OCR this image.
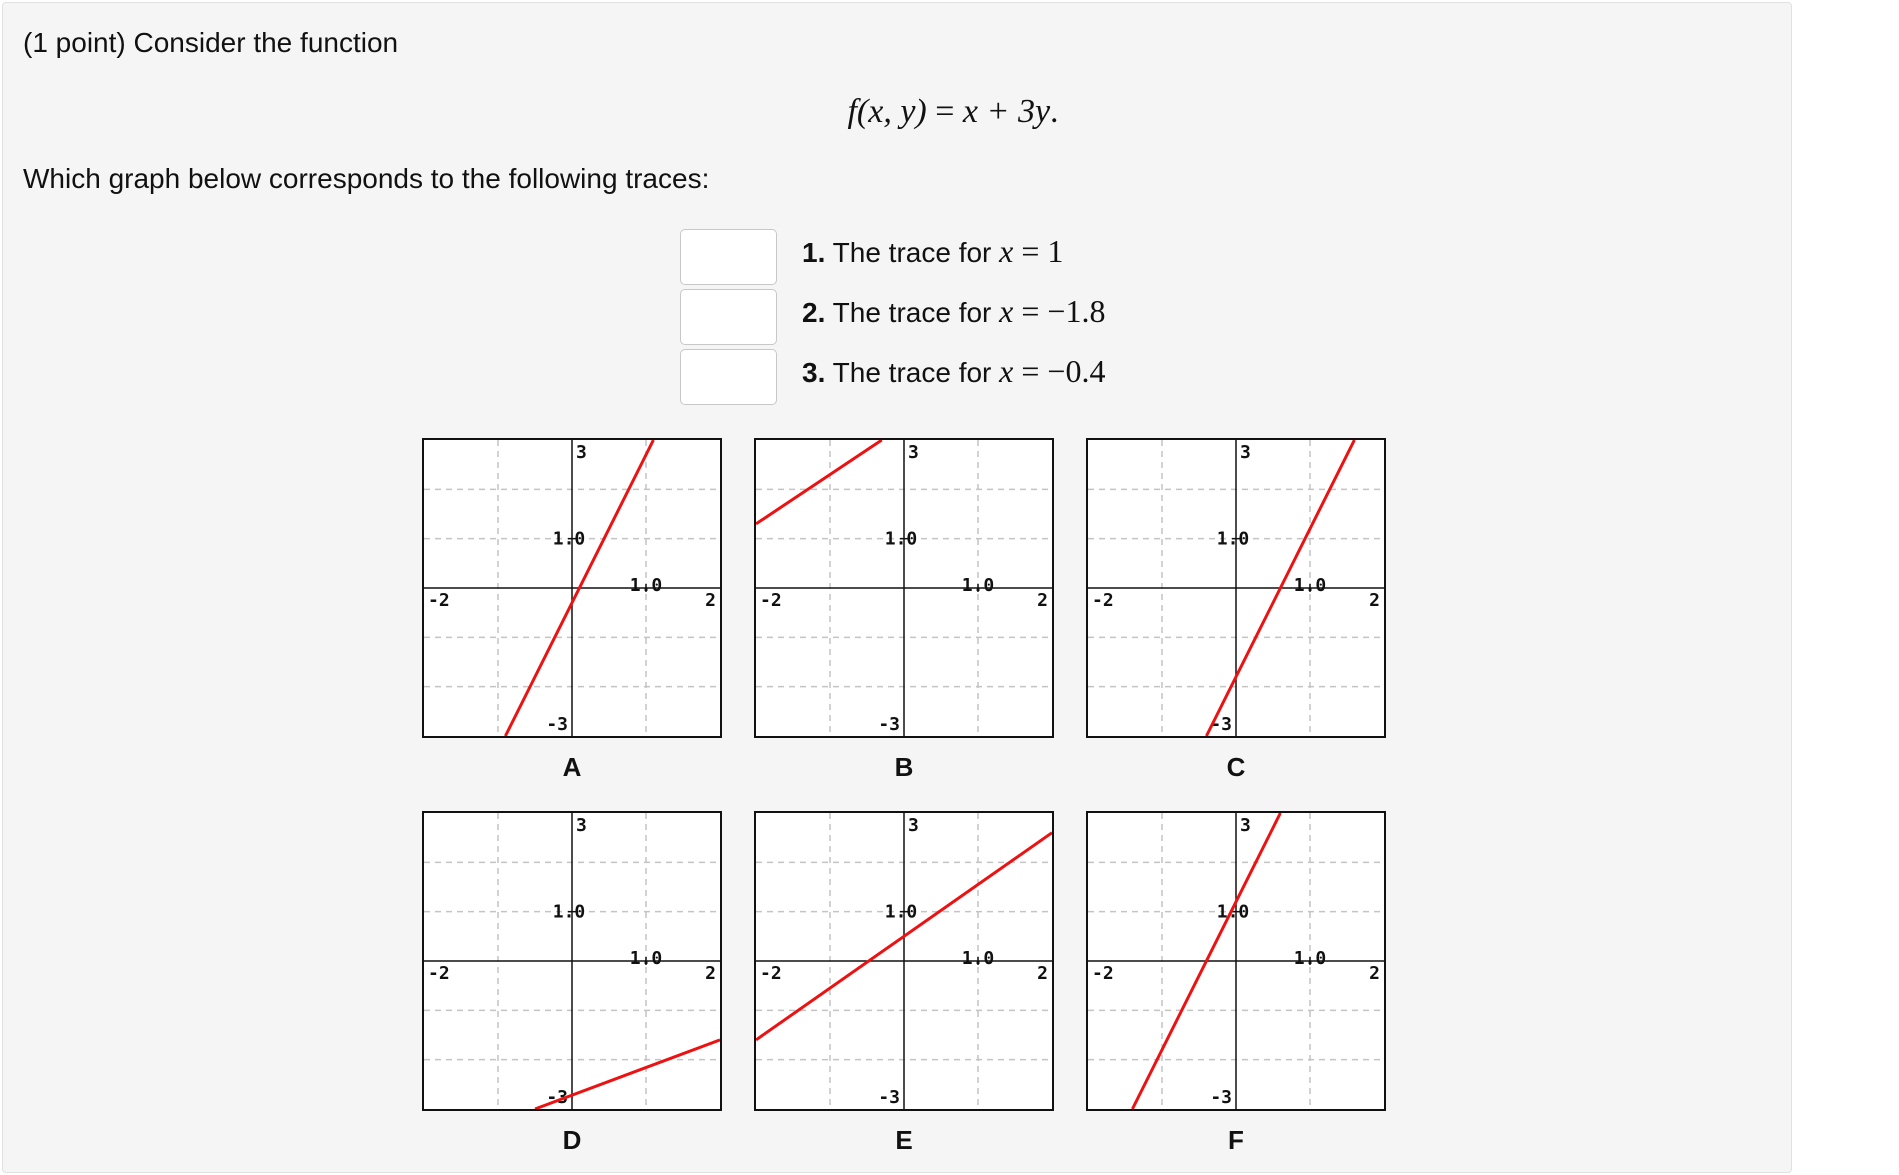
(1 point) Consider the function
f(x, y) = x + 3y.
Which graph below corresponds to the following traces:
1. The trace for x = 1
2. The trace for x = −1.8
3. The trace for x = −0.4
-2	2
3
-3
1.0
1.0
A
-2	2
3
-3
1.0
1.0
B
-2	2
3
-3
1.0
1.0
C
-2	2
3
-3
1.0
1.0
D
-2	2
3
-3
1.0
1.0
E
-2	2
3
-3
1.0
1.0
F
